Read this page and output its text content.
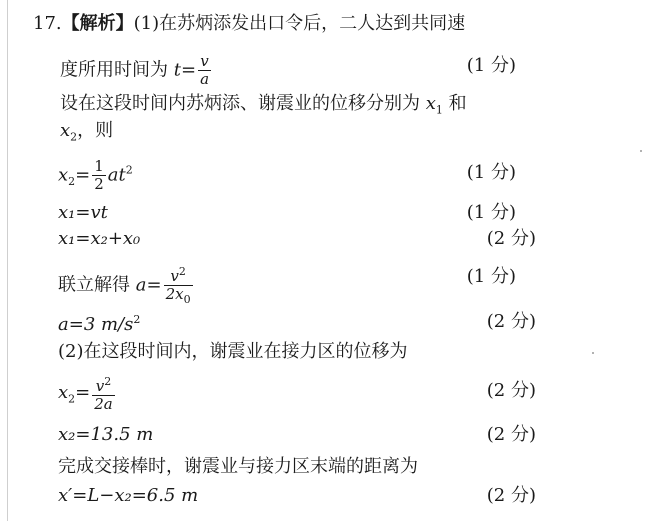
17.【解析】(1)在苏炳添发出口令后，二人达到共同速
度所用时间为 $t= \frac{v}{a}$	(1 分)
设在这段时间内苏炳添、谢震业的位移分别为 $x_1$ 和
$x_2$，则
$x_2= \frac{1}{2} at^2$	(1 分)
x₁=vt	(1 分)
x₁=x₂+x₀	(2 分)
联立解得 $a= \frac{v^2}{2x_0}$	(1 分)
a=3 $m/s^2$	(2 分)
(2)在这段时间内，谢震业在接力区的位移为
$x_2= \frac{v^2}{2a}$	(2 分)
x₂=13.5 m	(2 分)
完成交接棒时，谢震业与接力区末端的距离为
x′=L−x₂=6.5 m	(2 分)
